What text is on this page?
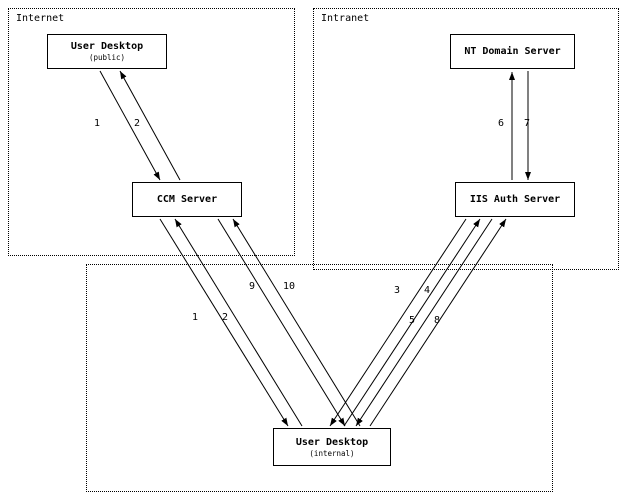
Internet	Intranet
User Desktop
(public)
CCM Server
NT Domain Server
IIS Auth Server
User Desktop
(internal)
1	2	6 7
9	10	3 4
1 2	5 8
